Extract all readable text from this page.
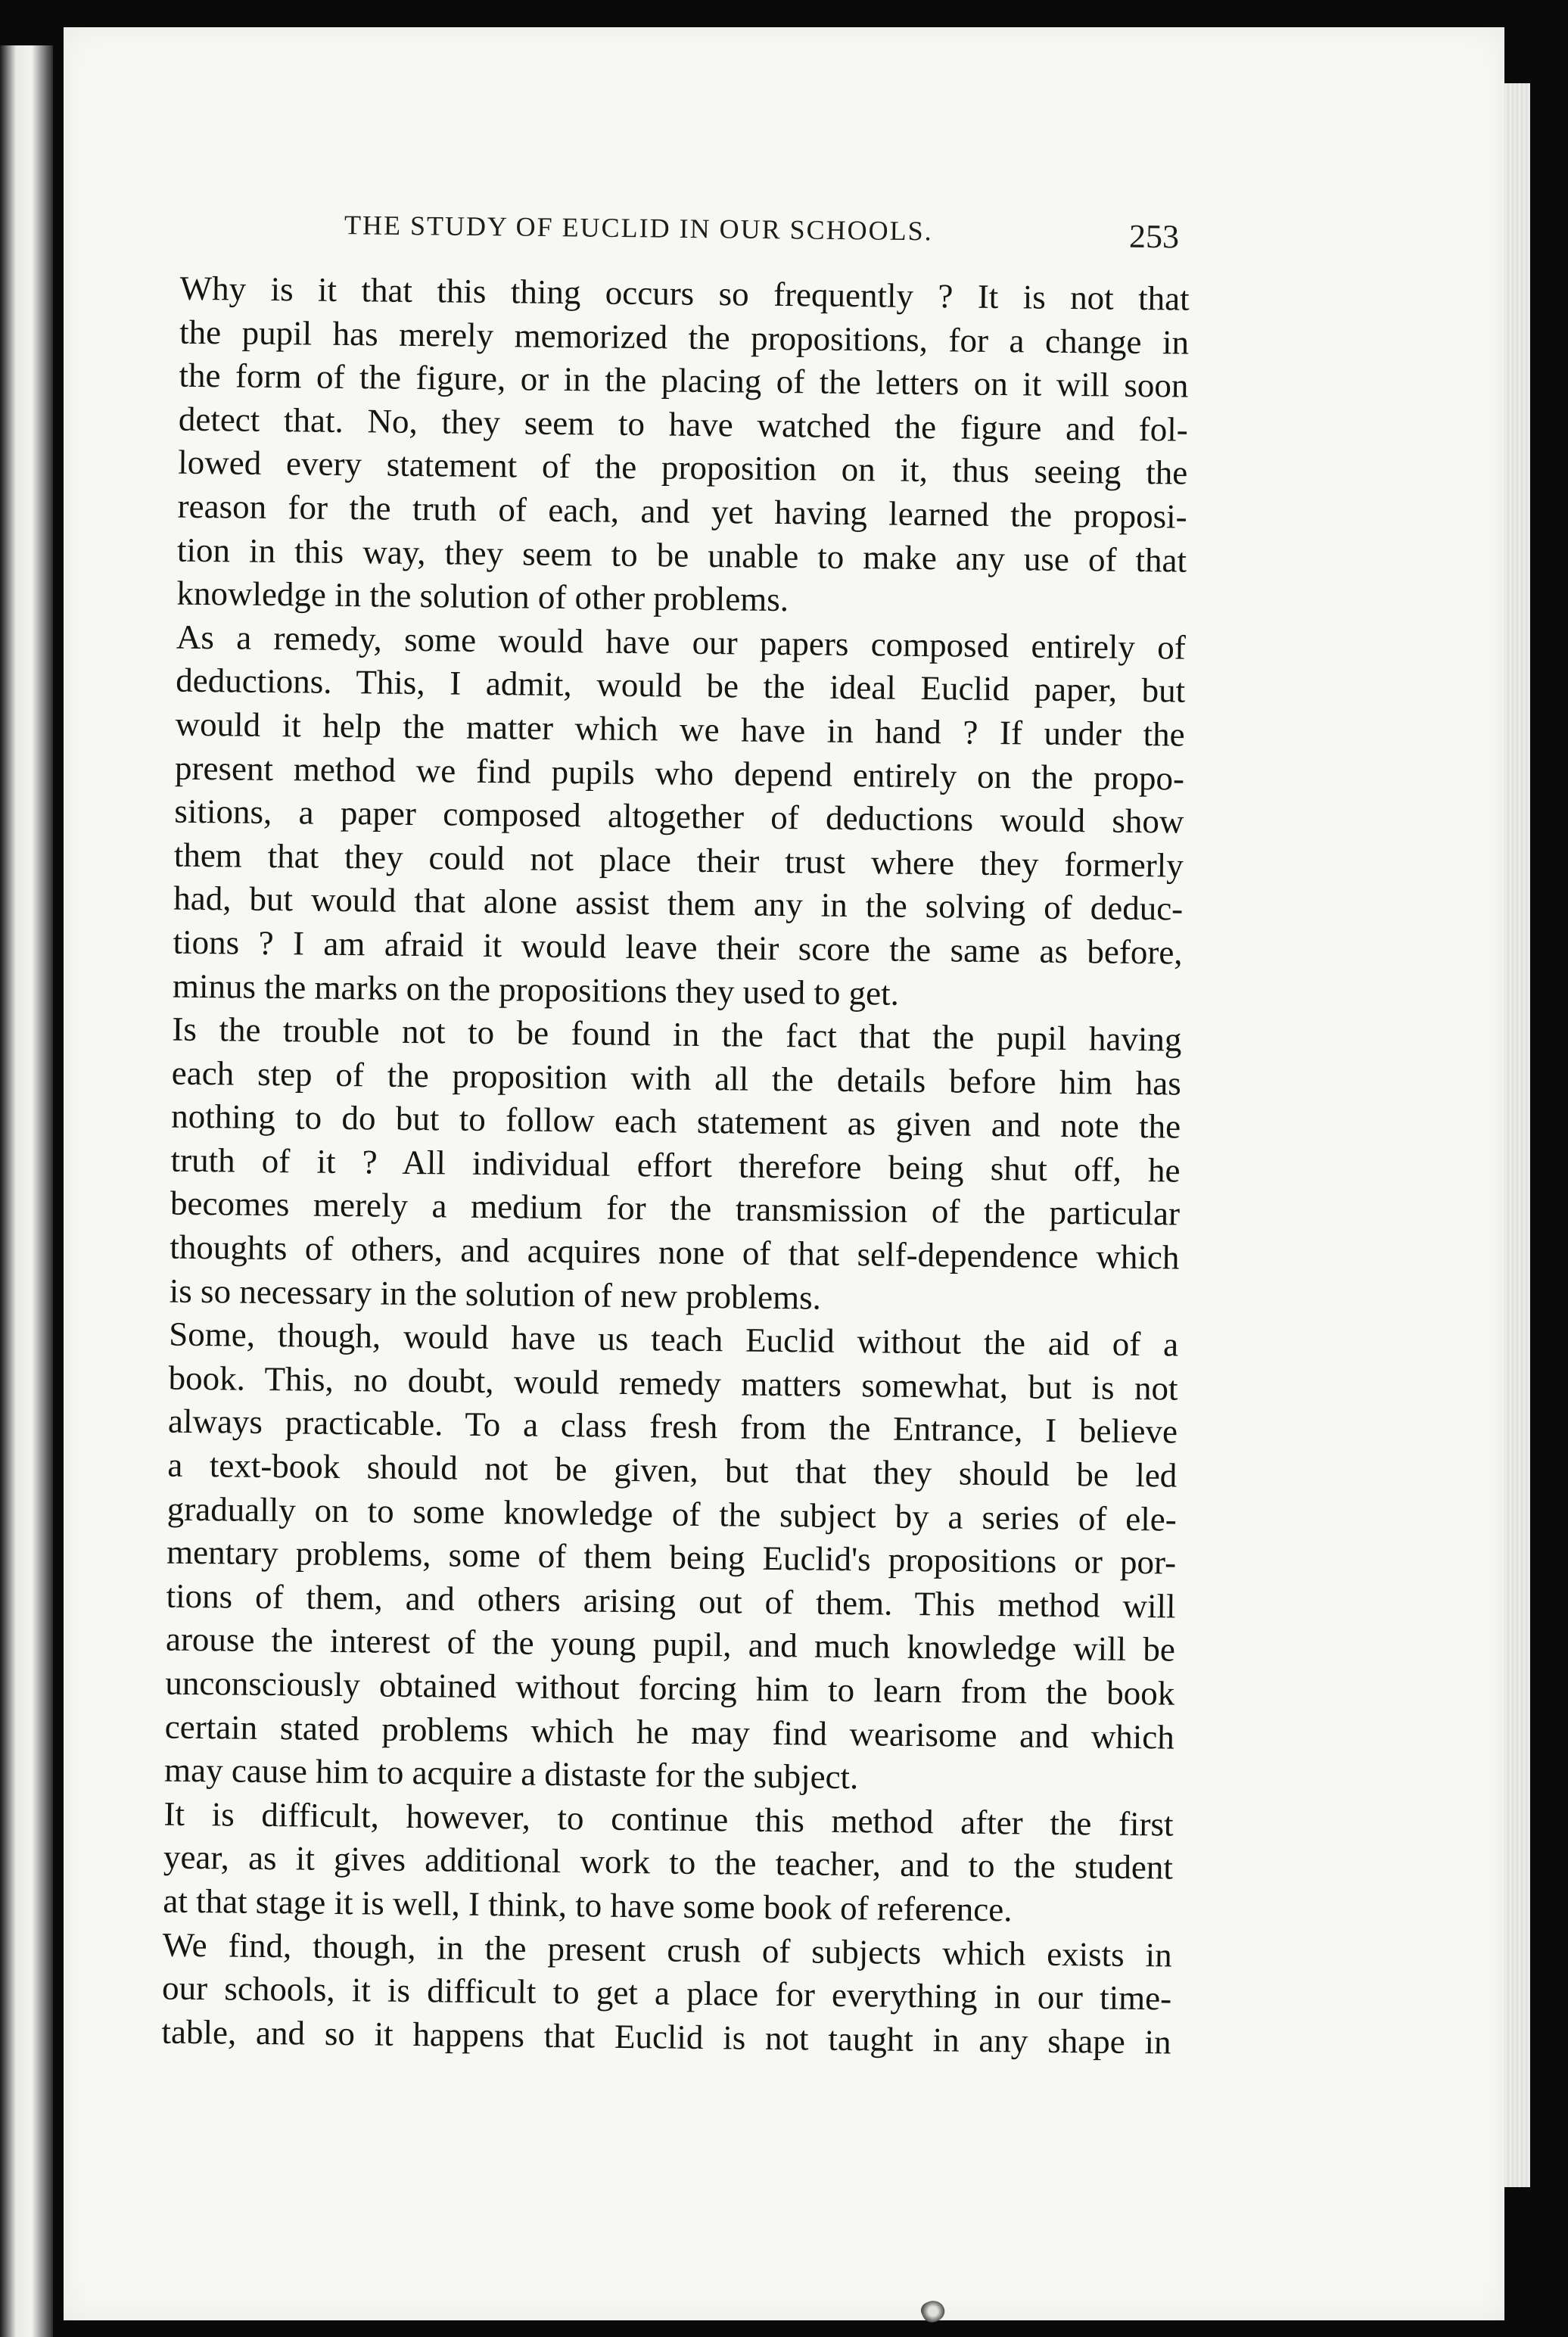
THE STUDY OF EUCLID IN OUR SCHOOLS.	253

Why is it that this thing occurs so frequently ? It is not that
the pupil has merely memorized the propositions, for a change in
the form of the figure, or in the placing of the letters on it will soon
detect that. No, they seem to have watched the figure and fol-
lowed every statement of the proposition on it, thus seeing the
reason for the truth of each, and yet having learned the proposi-
tion in this way, they seem to be unable to make any use of that
knowledge in the solution of other problems.

As a remedy, some would have our papers composed entirely of
deductions. This, I admit, would be the ideal Euclid paper, but
would it help the matter which we have in hand ? If under the
present method we find pupils who depend entirely on the propo-
sitions, a paper composed altogether of deductions would show
them that they could not place their trust where they formerly
had, but would that alone assist them any in the solving of deduc-
tions ? I am afraid it would leave their score the same as before,
minus the marks on the propositions they used to get.

Is the trouble not to be found in the fact that the pupil having
each step of the proposition with all the details before him has
nothing to do but to follow each statement as given and note the
truth of it ? All individual effort therefore being shut off, he
becomes merely a medium for the transmission of the particular
thoughts of others, and acquires none of that self-dependence which
is so necessary in the solution of new problems.

Some, though, would have us teach Euclid without the aid of a
book. This, no doubt, would remedy matters somewhat, but is not
always practicable. To a class fresh from the Entrance, I believe
a text-book should not be given, but that they should be led
gradually on to some knowledge of the subject by a series of ele-
mentary problems, some of them being Euclid's propositions or por-
tions of them, and others arising out of them. This method will
arouse the interest of the young pupil, and much knowledge will be
unconsciously obtained without forcing him to learn from the book
certain stated problems which he may find wearisome and which
may cause him to acquire a distaste for the subject.

It is difficult, however, to continue this method after the first
year, as it gives additional work to the teacher, and to the student
at that stage it is well, I think, to have some book of reference.

We find, though, in the present crush of subjects which exists in
our schools, it is difficult to get a place for everything in our time-
table, and so it happens that Euclid is not taught in any shape in
